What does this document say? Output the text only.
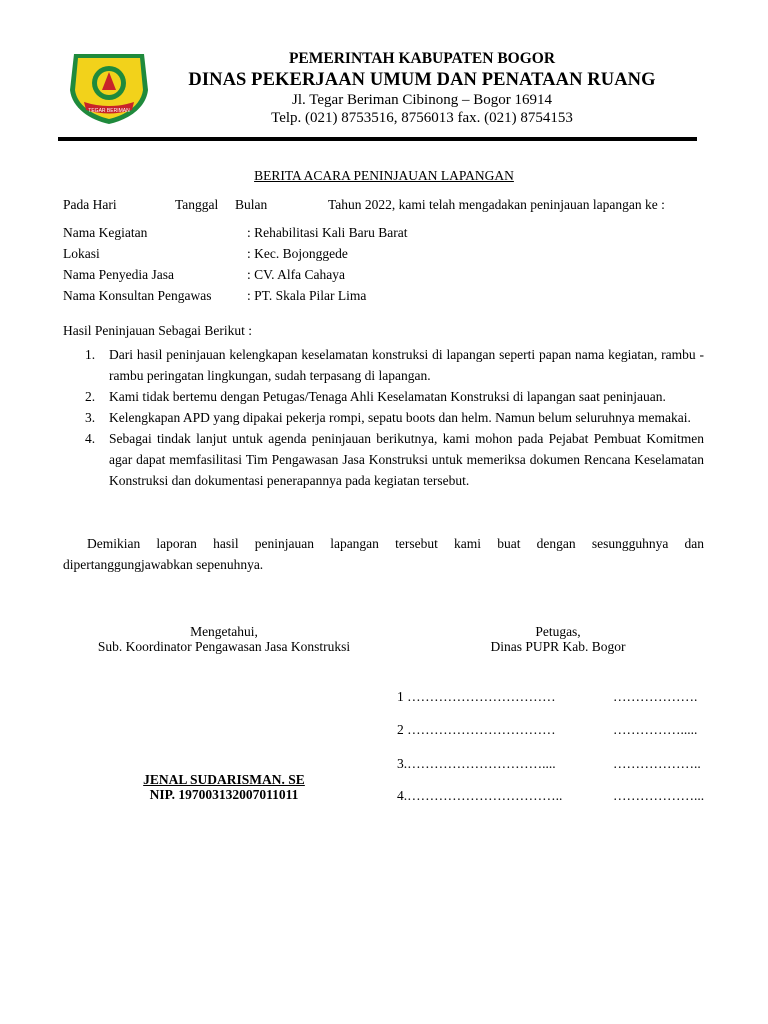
TEGAR BERIMAN
PEMERINTAH KABUPATEN BOGOR
DINAS PEKERJAAN UMUM DAN PENATAAN RUANG
Jl. Tegar Beriman Cibinong – Bogor 16914
Telp. (021) 8753516, 8756013 fax. (021) 8754153
BERITA ACARA PENINJAUAN LAPANGAN
Pada Hari	Tanggal Bulan	Tahun 2022, kami telah mengadakan peninjauan lapangan ke :
Nama Kegiatan	: Rehabilitasi Kali Baru Barat
Lokasi	: Kec. Bojonggede
Nama Penyedia Jasa	: CV. Alfa Cahaya
Nama Konsultan Pengawas	: PT. Skala Pilar Lima
Hasil Peninjauan Sebagai Berikut :
1. Dari hasil peninjauan kelengkapan keselamatan konstruksi di lapangan seperti papan nama kegiatan, rambu - rambu peringatan lingkungan, sudah terpasang di lapangan.
2. Kami tidak bertemu dengan Petugas/Tenaga Ahli Keselamatan Konstruksi di lapangan saat peninjauan.
3. Kelengkapan APD yang dipakai pekerja rompi, sepatu boots dan helm. Namun belum seluruhnya memakai.
4. Sebagai tindak lanjut untuk agenda peninjauan berikutnya, kami mohon pada Pejabat Pembuat Komitmen agar dapat memfasilitasi Tim Pengawasan Jasa Konstruksi untuk memeriksa dokumen Rencana Keselamatan Konstruksi dan dokumentasi penerapannya pada kegiatan tersebut.
Demikian laporan hasil peninjauan lapangan tersebut kami buat dengan sesungguhnya dan dipertanggungjawabkan sepenuhnya.
Mengetahui,
Sub. Koordinator Pengawasan Jasa Konstruksi
Petugas,
Dinas PUPR Kab. Bogor
1 ……………………………	……………….
2 ……………………………	…………….....
3.…………………………....	………………..
4.……………………………..	………………...
JENAL SUDARISMAN. SE
NIP. 197003132007011011
